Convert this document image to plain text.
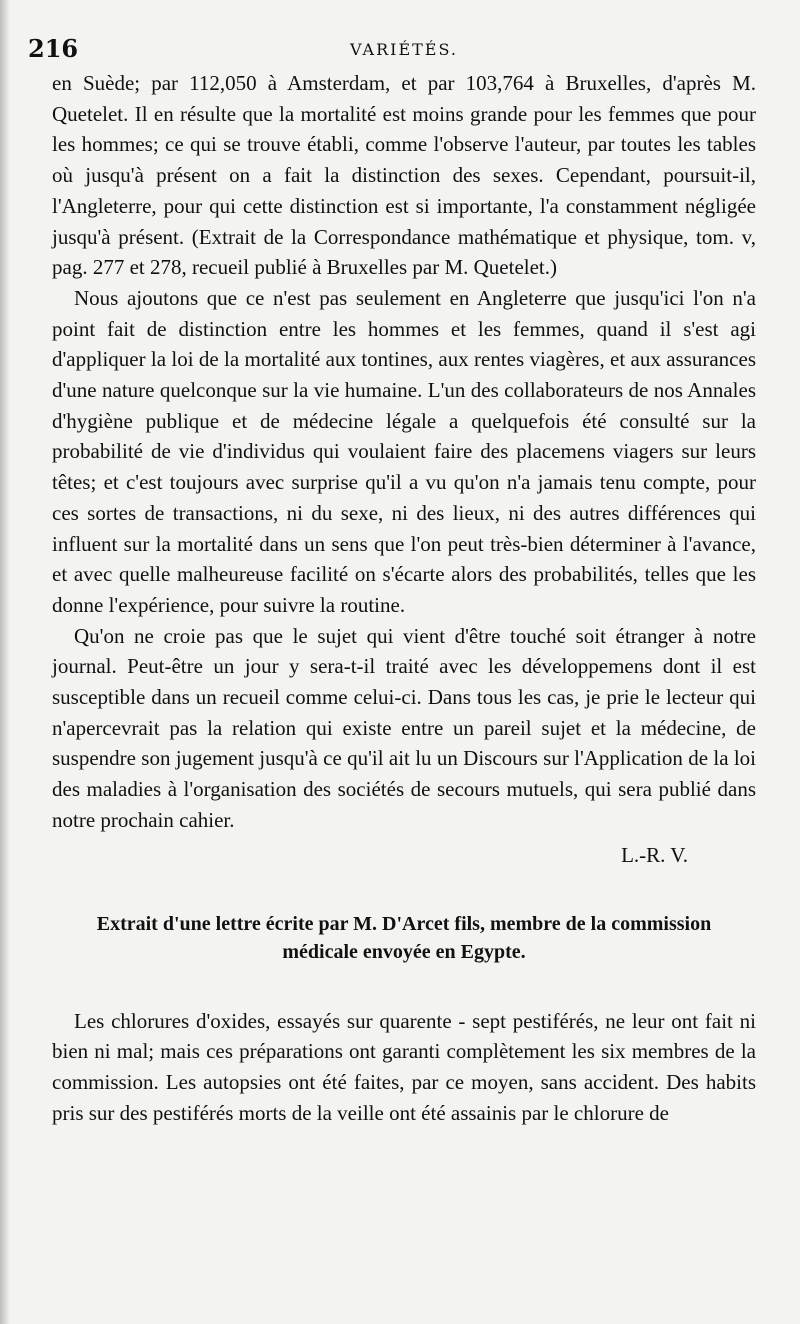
216	VARIÉTÉS.

en Suède; par 112,050 à Amsterdam, et par 103,764 à Bruxelles, d'après M. Quetelet. Il en résulte que la mortalité est moins grande pour les femmes que pour les hommes; ce qui se trouve établi, comme l'observe l'auteur, par toutes les tables où jusqu'à présent on a fait la distinction des sexes. Cependant, poursuit-il, l'Angleterre, pour qui cette distinction est si importante, l'a constamment négligée jusqu'à présent. (Extrait de la Correspondance mathématique et physique, tom. v, pag. 277 et 278, recueil publié à Bruxelles par M. Quetelet.)

Nous ajoutons que ce n'est pas seulement en Angleterre que jusqu'ici l'on n'a point fait de distinction entre les hommes et les femmes, quand il s'est agi d'appliquer la loi de la mortalité aux tontines, aux rentes viagères, et aux assurances d'une nature quelconque sur la vie humaine. L'un des collaborateurs de nos Annales d'hygiène publique et de médecine légale a quelquefois été consulté sur la probabilité de vie d'individus qui voulaient faire des placemens viagers sur leurs têtes; et c'est toujours avec surprise qu'il a vu qu'on n'a jamais tenu compte, pour ces sortes de transactions, ni du sexe, ni des lieux, ni des autres différences qui influent sur la mortalité dans un sens que l'on peut très-bien déterminer à l'avance, et avec quelle malheureuse facilité on s'écarte alors des probabilités, telles que les donne l'expérience, pour suivre la routine.

Qu'on ne croie pas que le sujet qui vient d'être touché soit étranger à notre journal. Peut-être un jour y sera-t-il traité avec les développemens dont il est susceptible dans un recueil comme celui-ci. Dans tous les cas, je prie le lecteur qui n'apercevrait pas la relation qui existe entre un pareil sujet et la médecine, de suspendre son jugement jusqu'à ce qu'il ait lu un Discours sur l'Application de la loi des maladies à l'organisation des sociétés de secours mutuels, qui sera publié dans notre prochain cahier.

L.-R. V.
Extrait d'une lettre écrite par M. D'Arcet fils, membre de la commission médicale envoyée en Egypte.

Les chlorures d'oxides, essayés sur quarente - sept pestiférés, ne leur ont fait ni bien ni mal; mais ces préparations ont garanti complètement les six membres de la commission. Les autopsies ont été faites, par ce moyen, sans accident. Des habits pris sur des pestiférés morts de la veille ont été assainis par le chlorure de
